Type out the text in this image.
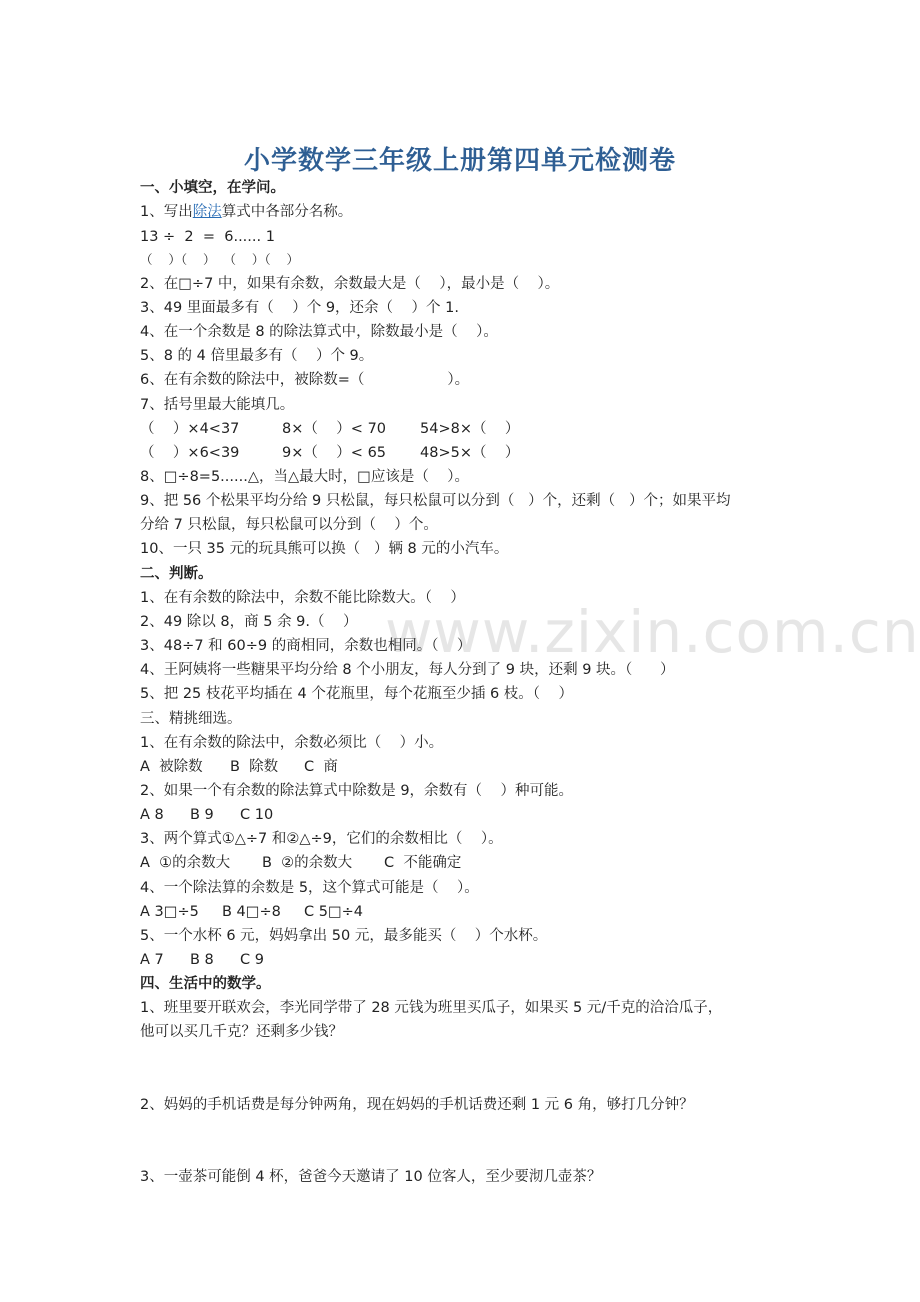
www.zixin.com.cn
小学数学三年级上册第四单元检测卷
一、小填空，在学问。
1、写出除法算式中各部分名称。
13 ÷  2  =  6...... 1
（    ）（    ）  （    ）（    ）
2、在□÷7 中，如果有余数，余数最大是（    ），最小是（    ）。
3、49 里面最多有（    ）个 9，还余（    ）个 1.
4、在一个余数是 8 的除法算式中，除数最小是（    ）。
5、8 的 4 倍里最多有（    ）个 9。
6、在有余数的除法中，被除数=（                  ）。
7、括号里最大能填几。
（    ）×4<37	8×（    ）< 70 54>8×（    ）
（    ）×6<39	9×（    ）< 65 48>5×（    ）
8、□÷8=5......△，当△最大时，□应该是（    ）。
9、把 56 个松果平均分给 9 只松鼠，每只松鼠可以分到（   ）个，还剩（   ）个；如果平均
分给 7 只松鼠，每只松鼠可以分到（    ）个。
10、一只 35 元的玩具熊可以换（   ）辆 8 元的小汽车。
二、判断。
1、在有余数的除法中，余数不能比除数大。（    ）
2、49 除以 8，商 5 余 9.（    ）
3、48÷7 和 60÷9 的商相同，余数也相同。（    ）
4、王阿姨将一些糖果平均分给 8 个小朋友，每人分到了 9 块，还剩 9 块。（      ）
5、把 25 枝花平均插在 4 个花瓶里，每个花瓶至少插 6 枝。（    ）
三、精挑细选。
1、在有余数的除法中，余数必须比（    ）小。
A  被除数 B  除数 C  商
2、如果一个有余数的除法算式中除数是 9，余数有（    ）种可能。
A 8 B 9 C 10
3、两个算式①△÷7 和②△÷9，它们的余数相比（    ）。
A  ①的余数大 B  ②的余数大 C  不能确定
4、一个除法算的余数是 5，这个算式可能是（    ）。
A 3□÷5 B 4□÷8 C 5□÷4
5、一个水杯 6 元，妈妈拿出 50 元，最多能买（    ）个水杯。
A 7 B 8 C 9
四、生活中的数学。
1、班里要开联欢会，李光同学带了 28 元钱为班里买瓜子，如果买 5 元/千克的洽洽瓜子，
他可以买几千克？还剩多少钱？
2、妈妈的手机话费是每分钟两角，现在妈妈的手机话费还剩 1 元 6 角，够打几分钟？
3、一壶茶可能倒 4 杯，爸爸今天邀请了 10 位客人，至少要沏几壶茶？
